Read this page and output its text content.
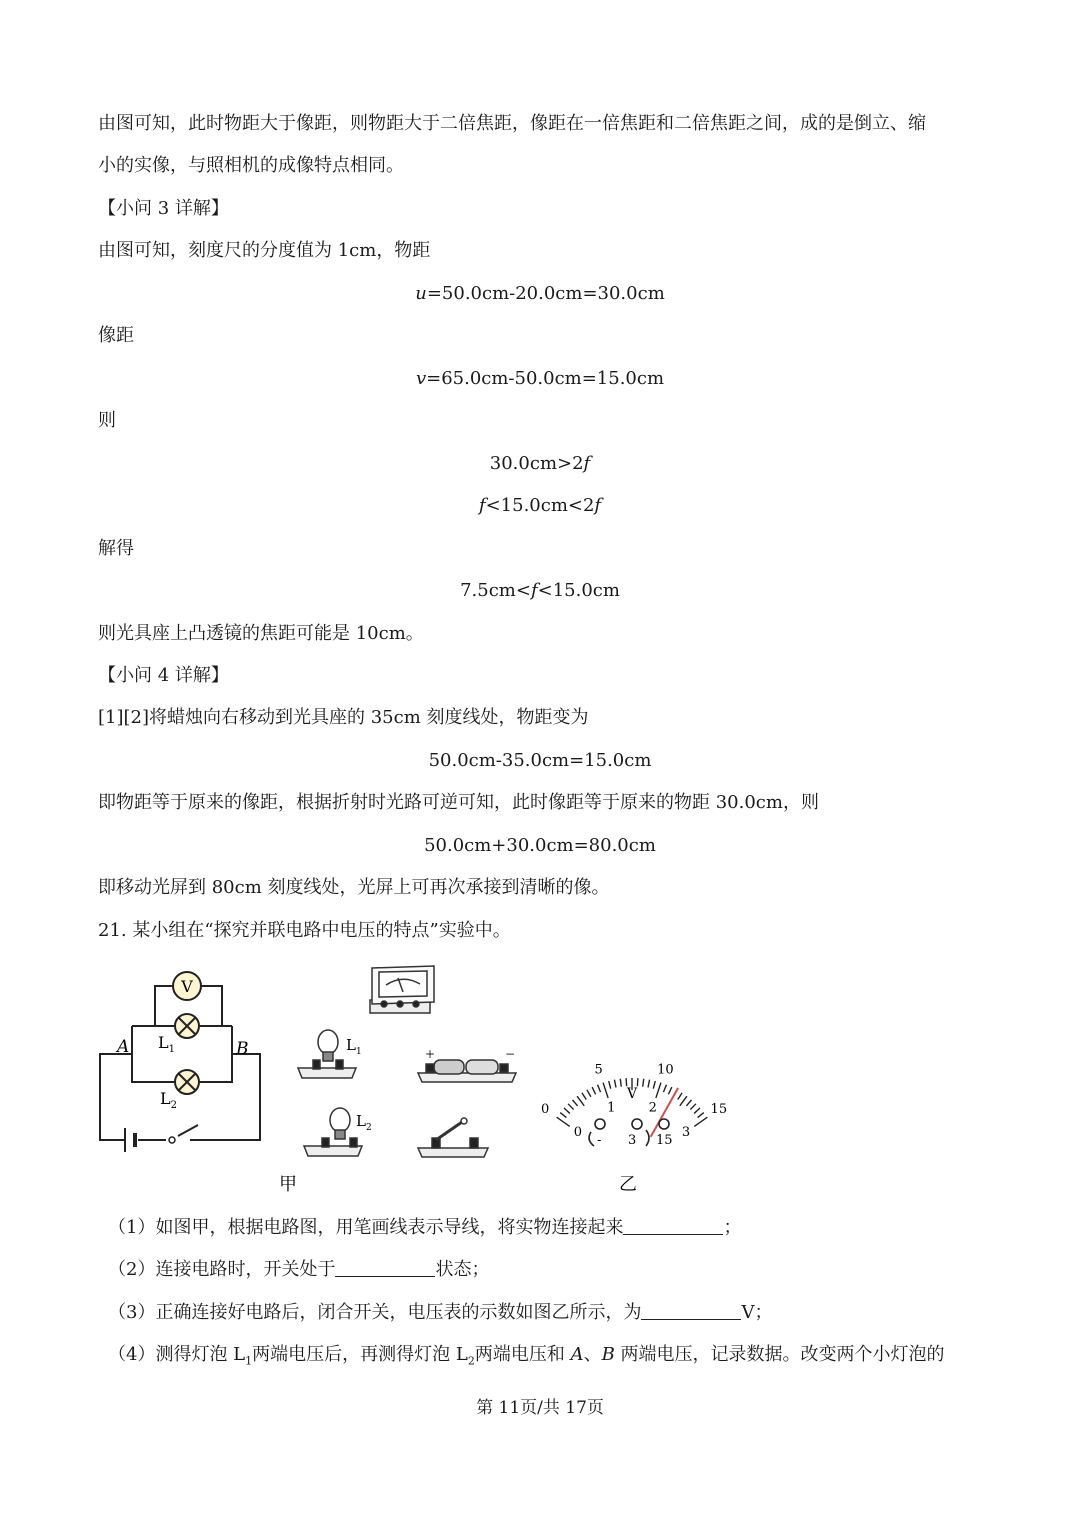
由图可知，此时物距大于像距，则物距大于二倍焦距，像距在一倍焦距和二倍焦距之间，成的是倒立、缩
小的实像，与照相机的成像特点相同。
【小问 3 详解】
由图可知，刻度尺的分度值为 1cm，物距
u=50.0cm-20.0cm=30.0cm
像距
v=65.0cm-50.0cm=15.0cm
则
30.0cm>2f
f<15.0cm<2f
解得
7.5cm<f<15.0cm
则光具座上凸透镜的焦距可能是 10cm。
【小问 4 详解】
[1][2]将蜡烛向右移动到光具座的 35cm 刻度线处，物距变为
50.0cm-35.0cm=15.0cm
即物距等于原来的像距，根据折射时光路可逆可知，此时像距等于原来的物距 30.0cm，则
50.0cm+30.0cm=80.0cm
即移动光屏到 80cm 刻度线处，光屏上可再次承接到清晰的像。
21. 某小组在“探究并联电路中电压的特点”实验中。
V
A	B
$L_1$
$L_2$
$L_1$
$L_2$
+	−
0
5	10
15
0
1	2
3
V
- 3 15
甲	乙
（1）如图甲，根据电路图，用笔画线表示导线，将实物连接起来	；
（2）连接电路时，开关处于	状态；
（3）正确连接好电路后，闭合开关，电压表的示数如图乙所示，为	V；
（4）测得灯泡 $L_1$两端电压后，再测得灯泡 $L_2$两端电压和 A、B 两端电压，记录数据。改变两个小灯泡的
第 11页/共 17页
